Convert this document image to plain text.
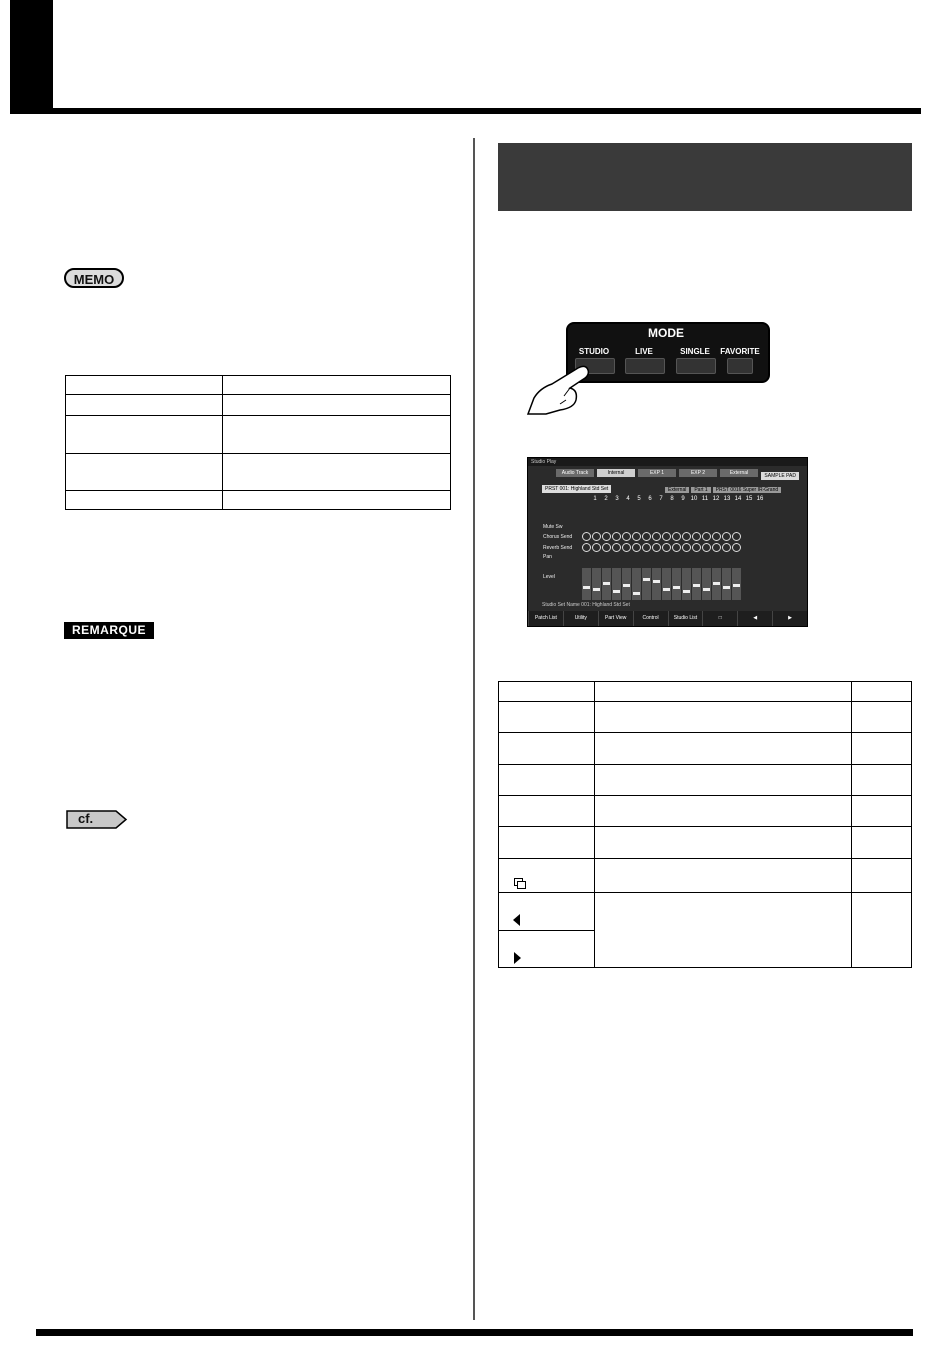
MEMO
REMARQUE
cf.

MODE
STUDIO	LIVE	SINGLE	FAVORITE
Studio Play
Audio Track	Internal	EXP 1	EXP 2	External	SAMPLE PAD
PRST 001: Highland Std Set	External	Part 1	PRST 0016 Super IR-Grand
1	2	3	4	5	6	7	8	9 10 11 12 13 14 15 16
Mute Sw
Chorus Send
Reverb Send
Pan
Level
Studio Set Name 001: Highland Std Set
Patch List	Utility	Part View	Control	Studio List	□	◀	▶
